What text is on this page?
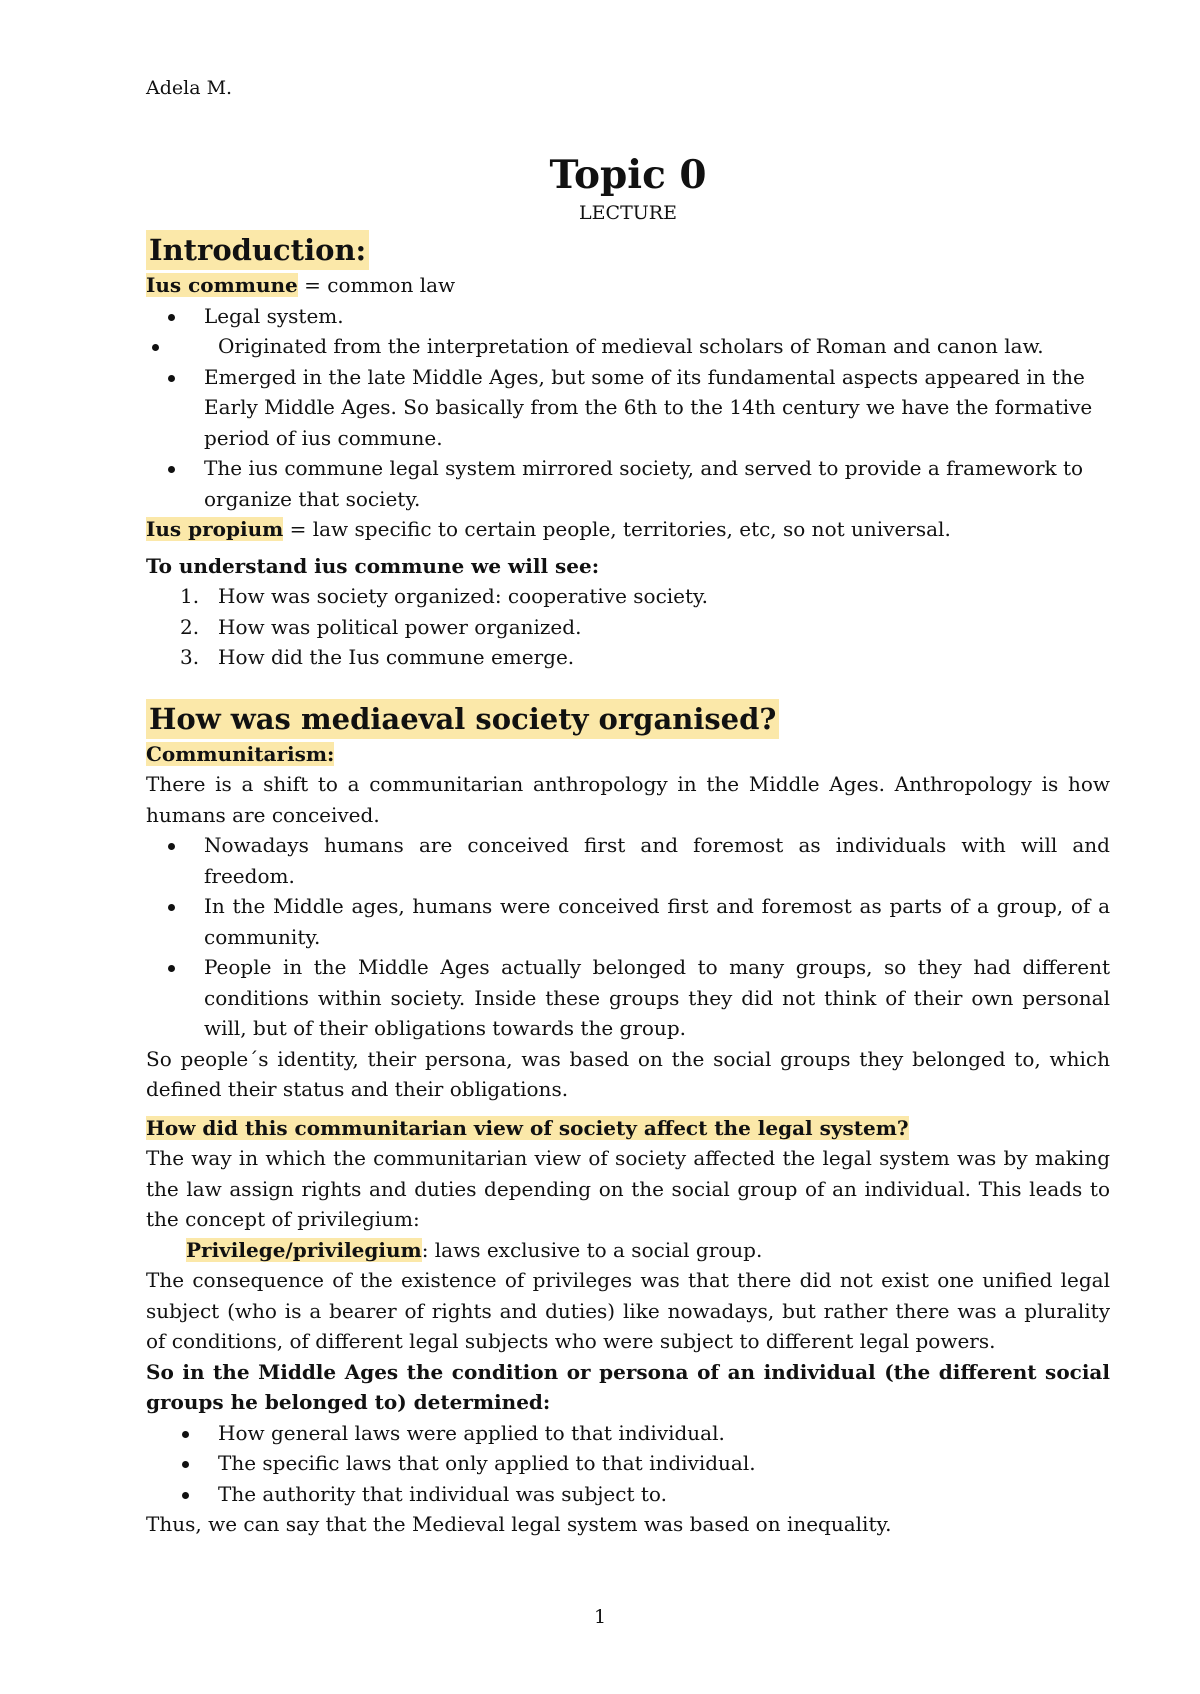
Adela M.

Topic 0

LECTURE

Introduction:

Ius commune = common law

Legal system.
Originated from the interpretation of medieval scholars of Roman and canon law.
Emerged in the late Middle Ages, but some of its fundamental aspects appeared in the Early Middle Ages. So basically from the 6th to the 14th century we have the formative period of ius commune.
The ius commune legal system mirrored society, and served to provide a framework to organize that society.

Ius propium = law specific to certain people, territories, etc, so not universal.

To understand ius commune we will see:

1. How was society organized: cooperative society.
2. How was political power organized.
3. How did the Ius commune emerge.
How was mediaeval society organised?

Communitarism:

There is a shift to a communitarian anthropology in the Middle Ages. Anthropology is how humans are conceived.

Nowadays humans are conceived first and foremost as individuals with will and freedom.
In the Middle ages, humans were conceived first and foremost as parts of a group, of a community.
People in the Middle Ages actually belonged to many groups, so they had different conditions within society. Inside these groups they did not think of their own personal will, but of their obligations towards the group.

So people´s identity, their persona, was based on the social groups they belonged to, which defined their status and their obligations.

How did this communitarian view of society affect the legal system?

The way in which the communitarian view of society affected the legal system was by making the law assign rights and duties depending on the social group of an individual. This leads to the concept of privilegium:

Privilege/privilegium: laws exclusive to a social group.

The consequence of the existence of privileges was that there did not exist one unified legal subject (who is a bearer of rights and duties) like nowadays, but rather there was a plurality of conditions, of different legal subjects who were subject to different legal powers.

So in the Middle Ages the condition or persona of an individual (the different social groups he belonged to) determined:

How general laws were applied to that individual.
The specific laws that only applied to that individual.
The authority that individual was subject to.

Thus, we can say that the Medieval legal system was based on inequality.

1
